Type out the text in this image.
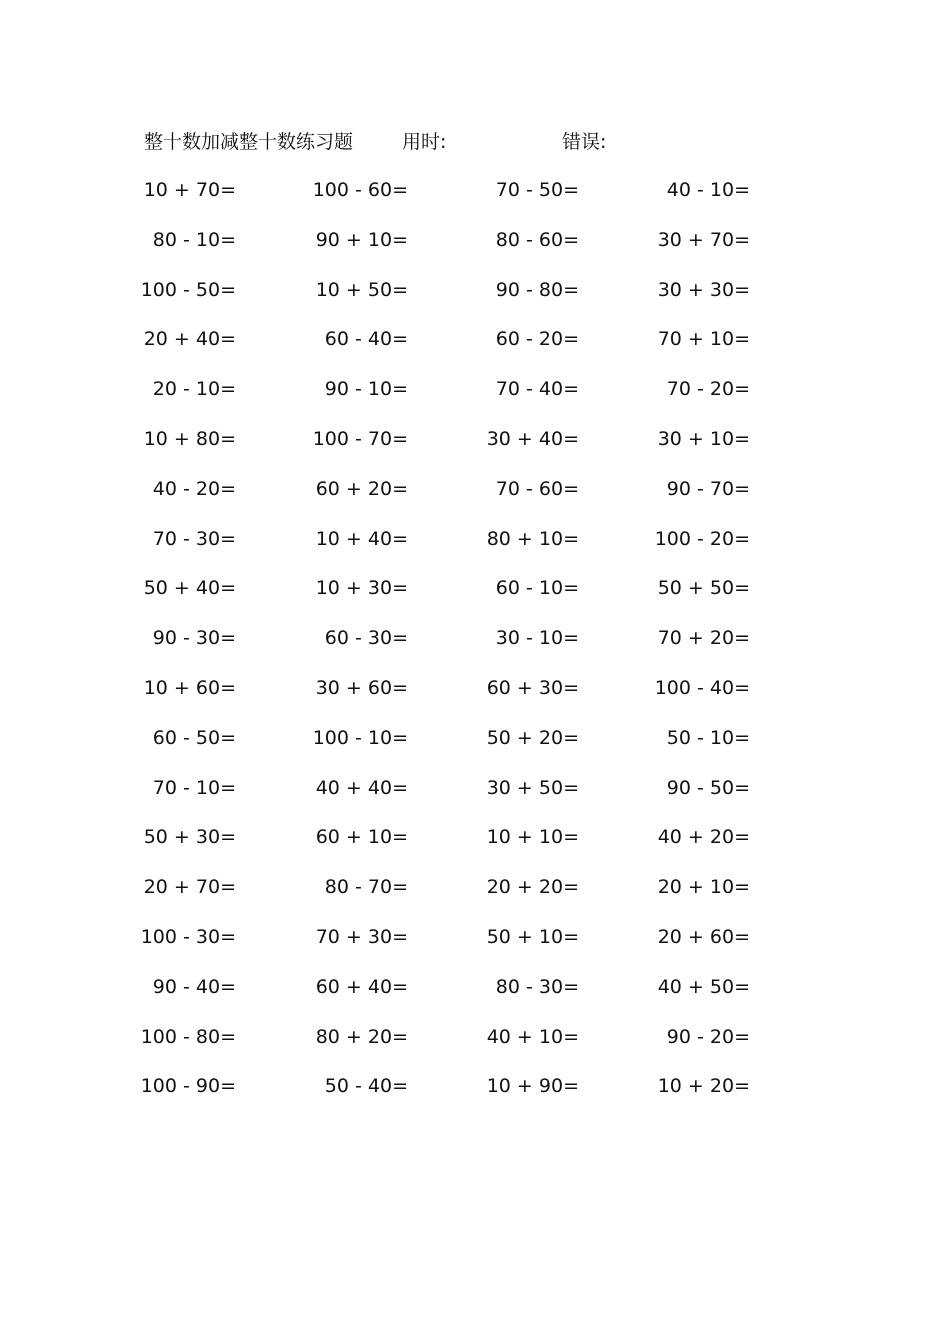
整十数加减整十数练习题	用时:	错误:
10 + 70=	100 - 60=	70 - 50=	40 - 10=
80 - 10=	90 + 10=	80 - 60=	30 + 70=
100 - 50=	10 + 50=	90 - 80=	30 + 30=
20 + 40=	60 - 40=	60 - 20=	70 + 10=
20 - 10=	90 - 10=	70 - 40=	70 - 20=
10 + 80=	100 - 70=	30 + 40=	30 + 10=
40 - 20=	60 + 20=	70 - 60=	90 - 70=
70 - 30=	10 + 40=	80 + 10=	100 - 20=
50 + 40=	10 + 30=	60 - 10=	50 + 50=
90 - 30=	60 - 30=	30 - 10=	70 + 20=
10 + 60=	30 + 60=	60 + 30=	100 - 40=
60 - 50=	100 - 10=	50 + 20=	50 - 10=
70 - 10=	40 + 40=	30 + 50=	90 - 50=
50 + 30=	60 + 10=	10 + 10=	40 + 20=
20 + 70=	80 - 70=	20 + 20=	20 + 10=
100 - 30=	70 + 30=	50 + 10=	20 + 60=
90 - 40=	60 + 40=	80 - 30=	40 + 50=
100 - 80=	80 + 20=	40 + 10=	90 - 20=
100 - 90=	50 - 40=	10 + 90=	10 + 20=
